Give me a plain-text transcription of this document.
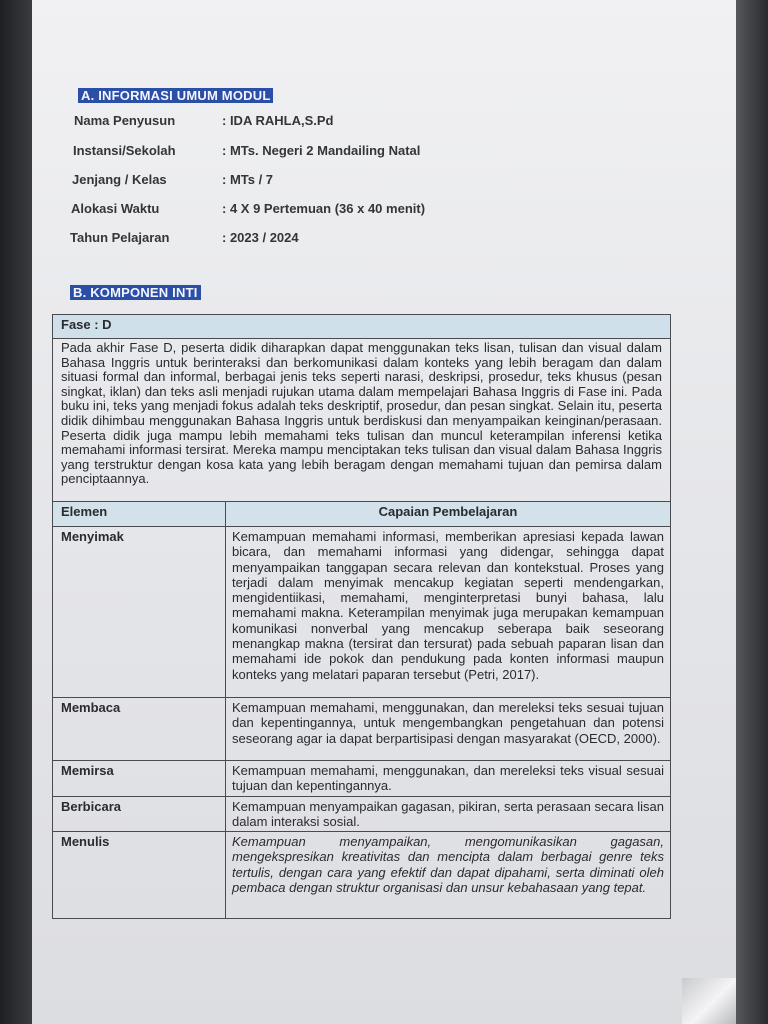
A. INFORMASI UMUM MODUL
Nama Penyusun	: IDA RAHLA,S.Pd
Instansi/Sekolah	: MTs. Negeri 2 Mandailing Natal
Jenjang / Kelas	: MTs / 7
Alokasi Waktu	: 4 X 9 Pertemuan (36 x 40 menit)
Tahun Pelajaran	: 2023 / 2024
B. KOMPONEN INTI
Fase : D	
Pada akhir Fase D, peserta didik diharapkan dapat menggunakan teks lisan, tulisan dan visual dalam Bahasa Inggris untuk berinteraksi dan berkomunikasi dalam konteks yang lebih beragam dan dalam situasi formal dan informal, berbagai jenis teks seperti narasi, deskripsi, prosedur, teks khusus (pesan singkat, iklan) dan teks asli menjadi rujukan utama dalam mempelajari Bahasa Inggris di Fase ini. Pada buku ini, teks yang menjadi fokus adalah teks deskriptif, prosedur, dan pesan singkat. Selain itu, peserta didik dihimbau menggunakan Bahasa Inggris untuk berdiskusi dan menyampaikan keinginan/perasaan. Peserta didik juga mampu lebih memahami teks tulisan dan muncul keterampilan inferensi ketika memahami informasi tersirat. Mereka mampu menciptakan teks tulisan dan visual dalam Bahasa Inggris yang terstruktur dengan kosa kata yang lebih beragam dengan memahami tujuan dan pemirsa dalam penciptaannya.	
Elemen	Capaian Pembelajaran
Menyimak	Kemampuan memahami informasi, memberikan apresiasi kepada lawan bicara, dan memahami informasi yang didengar, sehingga dapat menyampaikan tanggapan secara relevan dan kontekstual. Proses yang terjadi dalam menyimak mencakup kegiatan seperti mendengarkan, mengidentiikasi, memahami, menginterpretasi bunyi bahasa, lalu memahami makna. Keterampilan menyimak juga merupakan kemampuan komunikasi nonverbal yang mencakup seberapa baik seseorang menangkap makna (tersirat dan tersurat) pada sebuah paparan lisan dan memahami ide pokok dan pendukung pada konten informasi maupun konteks yang melatari paparan tersebut (Petri, 2017).
Membaca	Kemampuan memahami, menggunakan, dan mereleksi teks sesuai tujuan dan kepentingannya, untuk mengembangkan pengetahuan dan potensi seseorang agar ia dapat berpartisipasi dengan masyarakat (OECD, 2000).
Memirsa	Kemampuan memahami, menggunakan, dan mereleksi teks visual sesuai tujuan dan kepentingannya.
Berbicara	Kemampuan menyampaikan gagasan, pikiran, serta perasaan secara lisan dalam interaksi sosial.
Menulis	Kemampuan menyampaikan, mengomunikasikan gagasan, mengekspresikan kreativitas dan mencipta dalam berbagai genre teks tertulis, dengan cara yang efektif dan dapat dipahami, serta diminati oleh pembaca dengan struktur organisasi dan unsur kebahasaan yang tepat.
